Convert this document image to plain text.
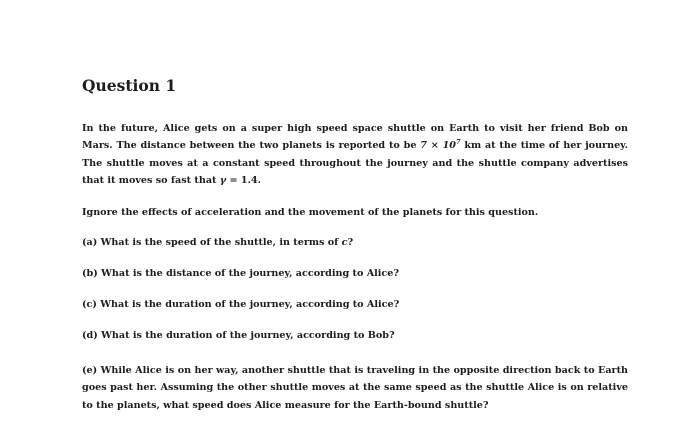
Question 1

In the future, Alice gets on a super high speed space shuttle on Earth to visit her friend Bob on Mars. The distance between the two planets is reported to be $7 \times 10^7$ km at the time of her journey. The shuttle moves at a constant speed throughout the journey and the shuttle company advertises that it moves so fast that γ = 1.4.

Ignore the effects of acceleration and the movement of the planets for this question.

(a) What is the speed of the shuttle, in terms of c?

(b) What is the distance of the journey, according to Alice?

(c) What is the duration of the journey, according to Alice?

(d) What is the duration of the journey, according to Bob?

(e) While Alice is on her way, another shuttle that is traveling in the opposite direction back to Earth goes past her. Assuming the other shuttle moves at the same speed as the shuttle Alice is on relative to the planets, what speed does Alice measure for the Earth-bound shuttle?
